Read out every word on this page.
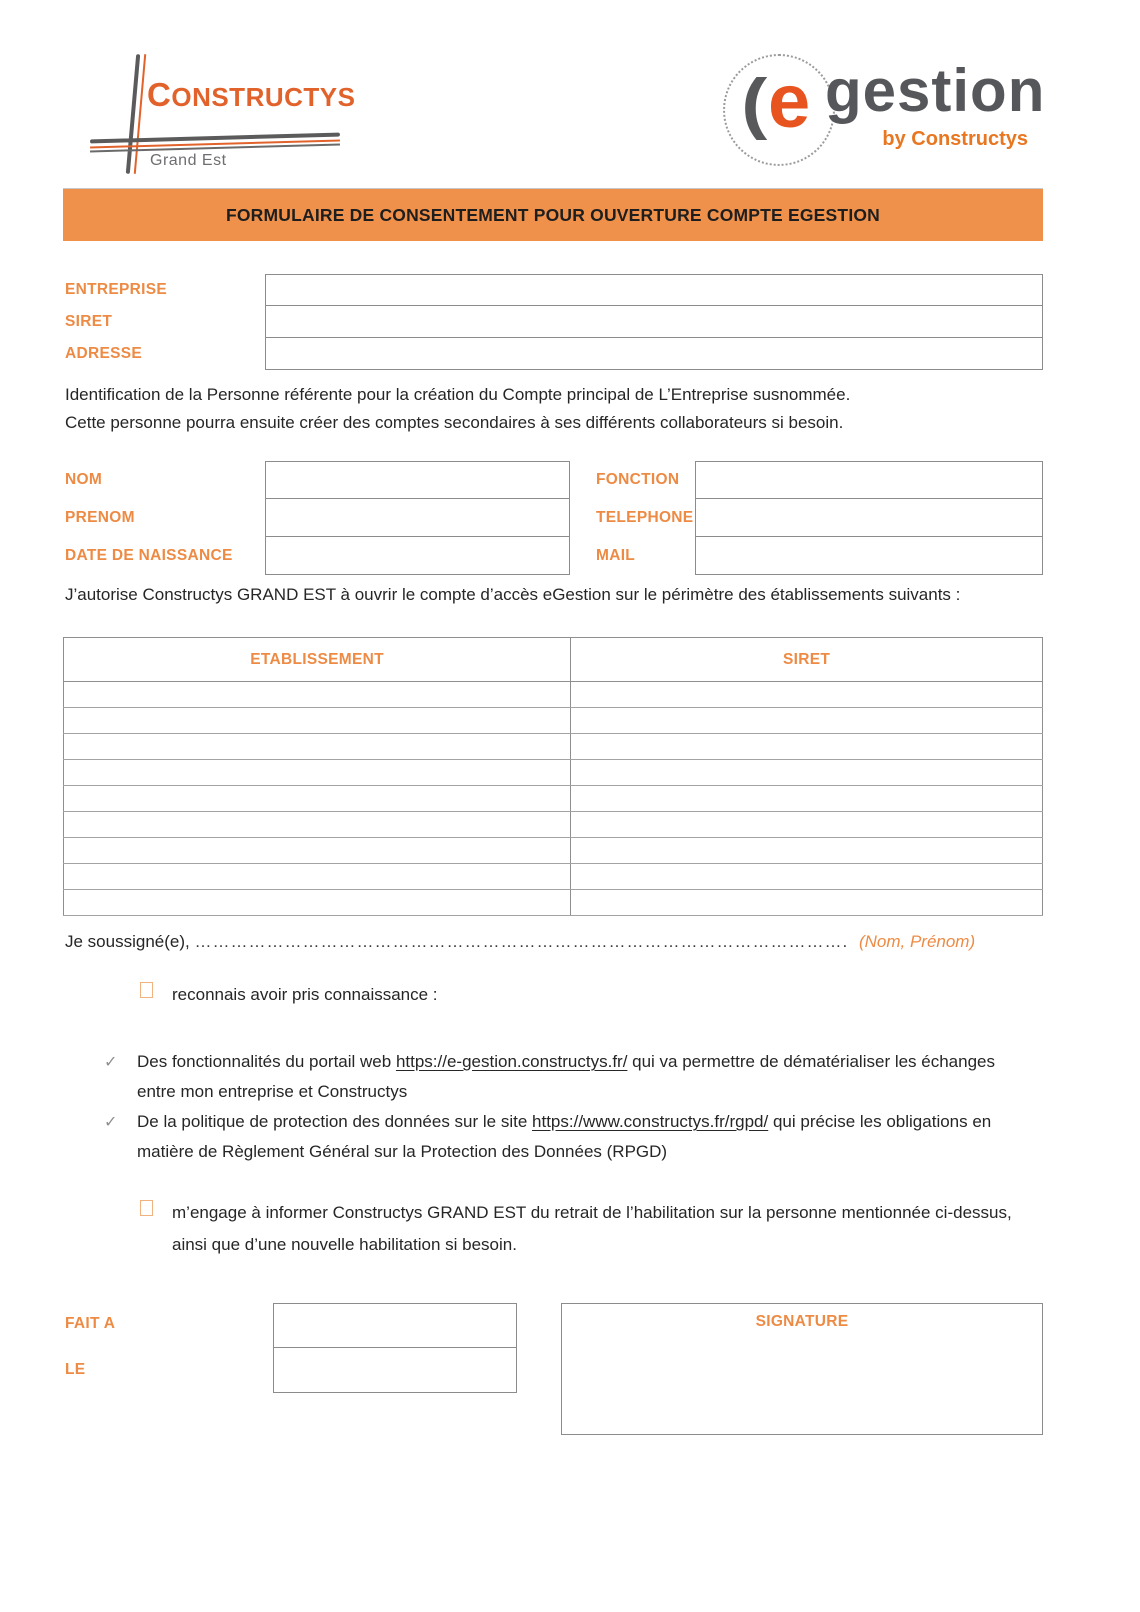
CONSTRUCTYS
Grand Est
( e gestion
by Constructys
FORMULAIRE DE CONSENTEMENT POUR OUVERTURE COMPTE EGESTION
ENTREPRISE
SIRET
ADRESSE
Identification de la Personne référente pour la création du Compte principal de L’Entreprise susnommée.
Cette personne pourra ensuite créer des comptes secondaires à ses différents collaborateurs si besoin.
NOM	FONCTION
PRENOM	TELEPHONE
DATE DE NAISSANCE	MAIL
J’autorise Constructys GRAND EST à ouvrir le compte d’accès eGestion sur le périmètre des établissements suivants :
ETABLISSEMENT	SIRET

Je soussigné(e), ………………………………………………………………………………………………. (Nom, Prénom)
reconnais avoir pris connaissance :
✓ Des fonctionnalités du portail web https://e-gestion.constructys.fr/ qui va permettre de dématérialiser les échanges entre mon entreprise et Constructys
✓ De la politique de protection des données sur le site https://www.constructys.fr/rgpd/ qui précise les obligations en matière de Règlement Général sur la Protection des Données (RPGD)
m’engage à informer Constructys GRAND EST du retrait de l’habilitation sur la personne mentionnée ci-dessus, ainsi que d’une nouvelle habilitation si besoin.
FAIT A
LE
SIGNATURE
